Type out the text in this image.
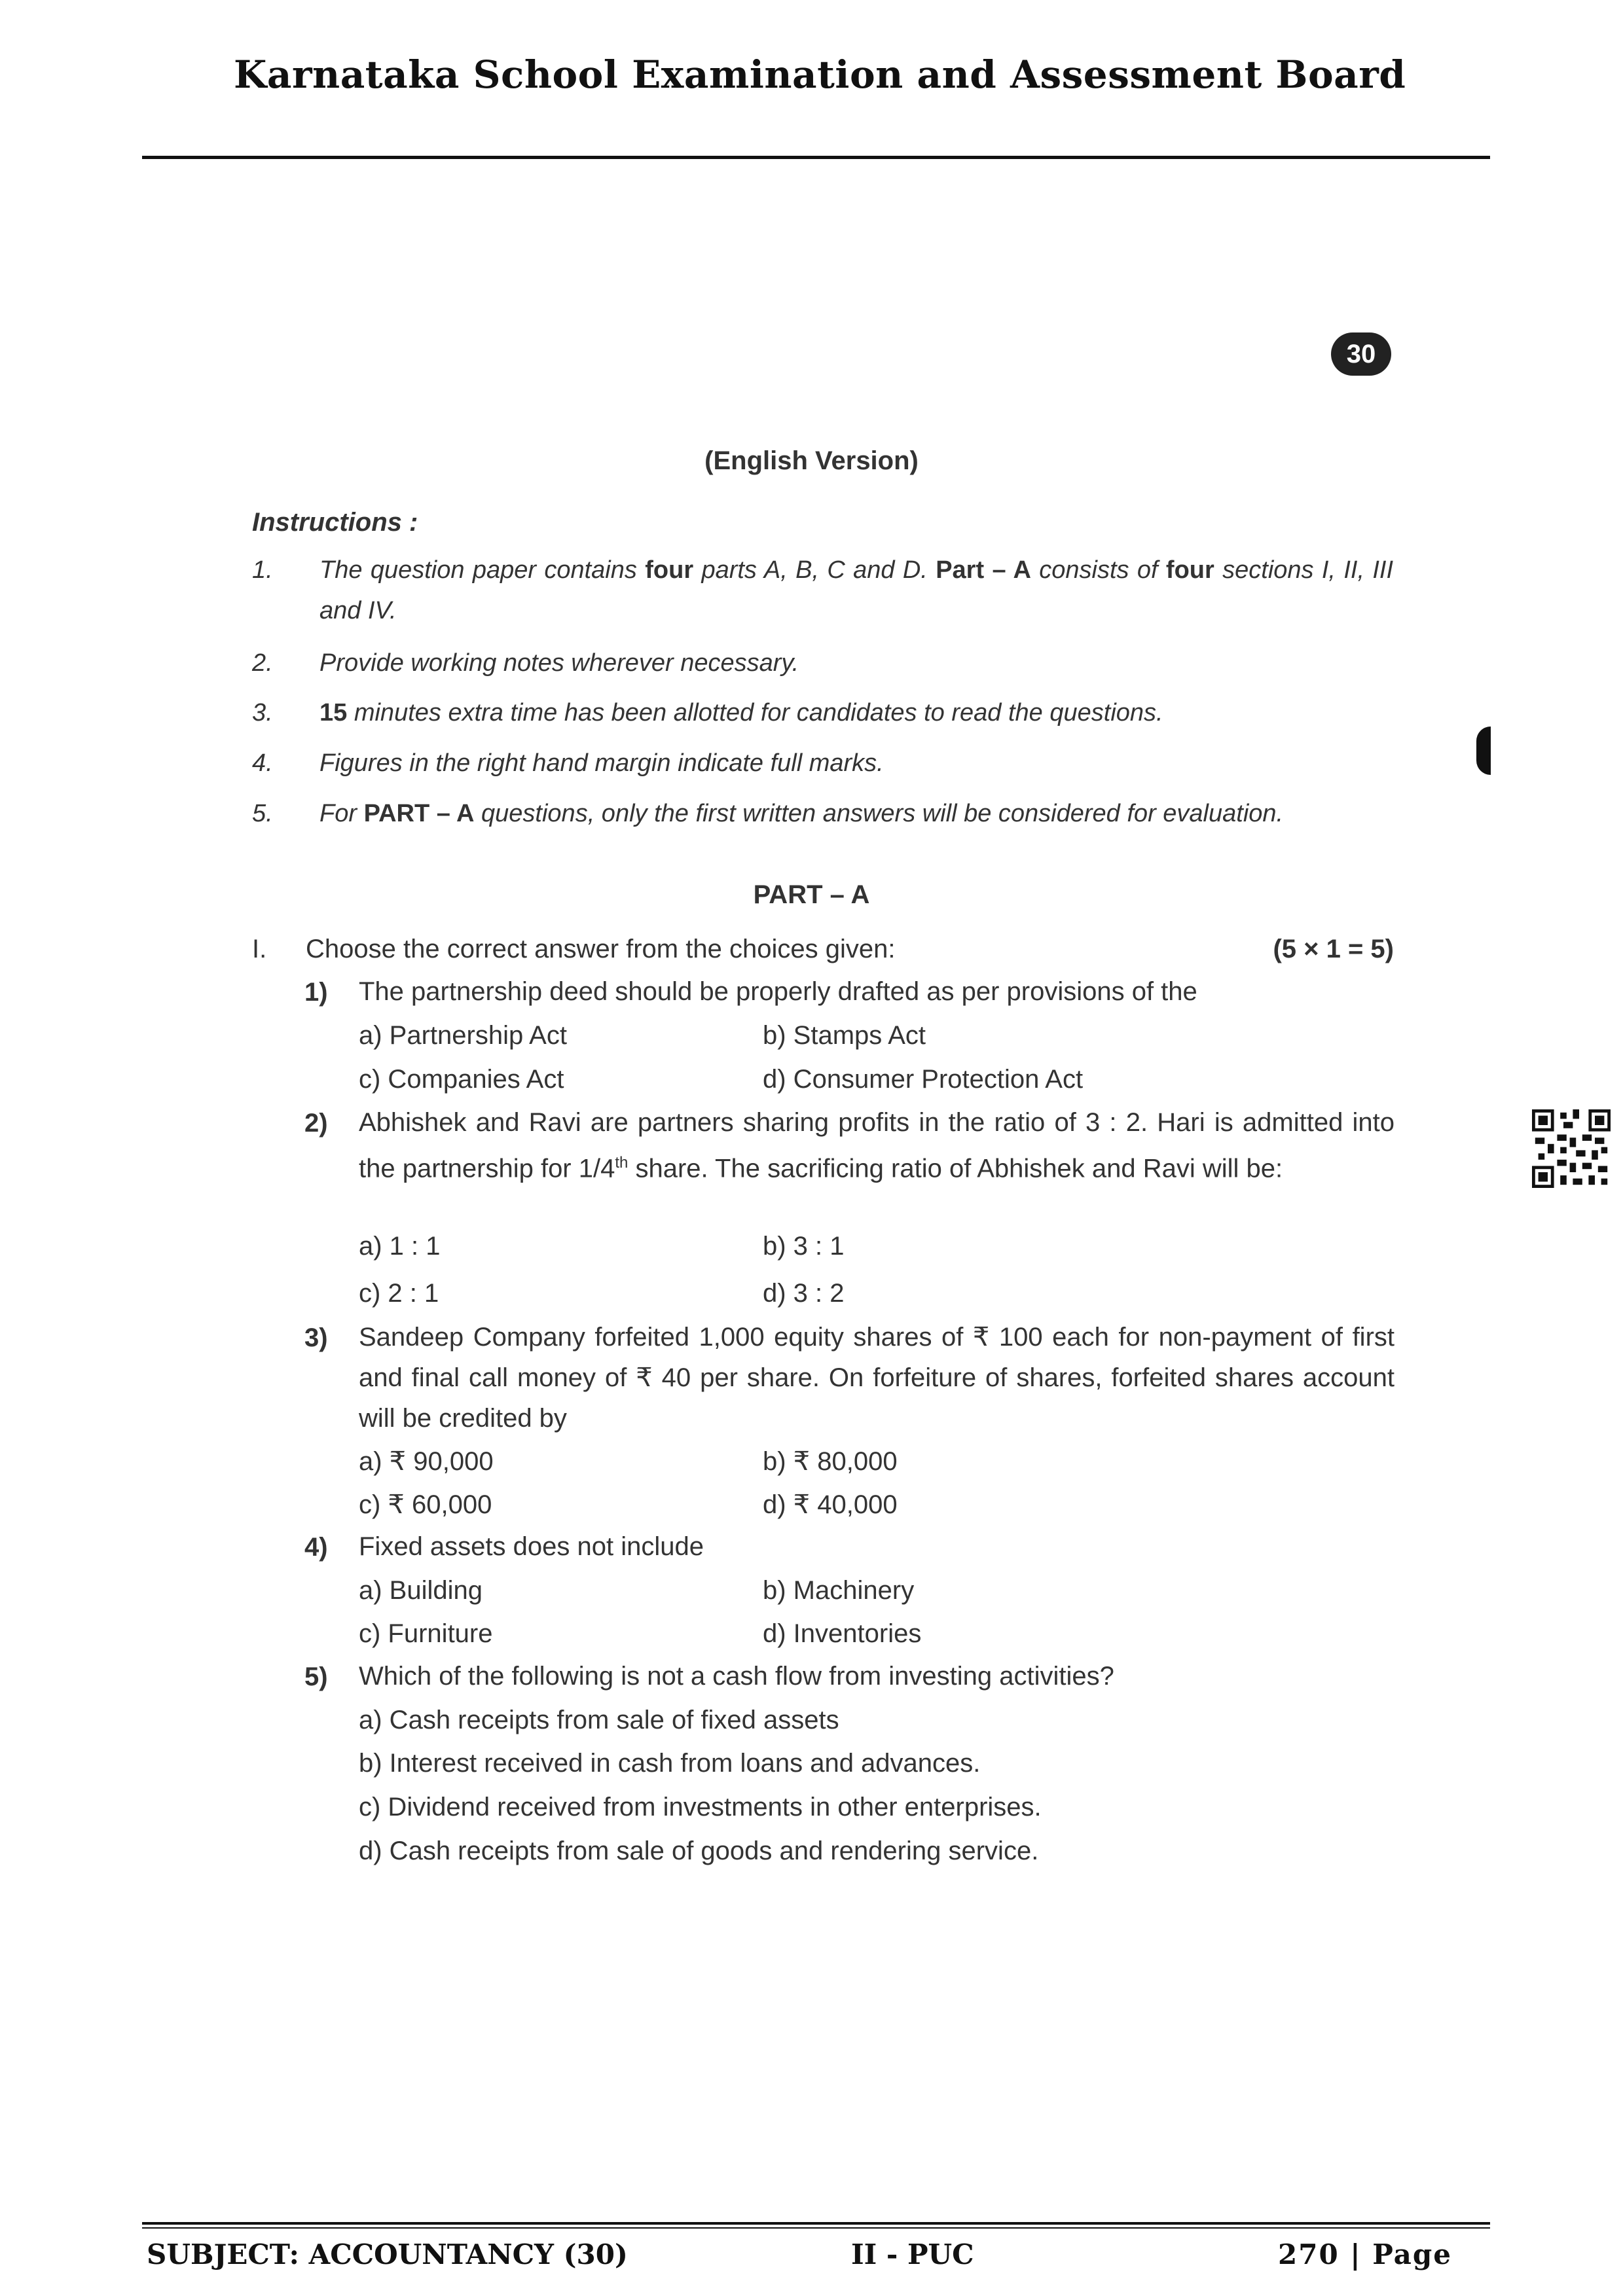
Karnataka School Examination and Assessment Board
30
(English Version)
Instructions :
1. The question paper contains four parts A, B, C and D. Part – A consists of four sections I, II, III and IV.
2. Provide working notes wherever necessary.
3. 15 minutes extra time has been allotted for candidates to read the questions.
4. Figures in the right hand margin indicate full marks.
5. For PART – A questions, only the first written answers will be considered for evaluation.
PART – A
I. Choose the correct answer from the choices given:	(5 × 1 = 5)
1) The partnership deed should be properly drafted as per provisions of the
a) Partnership Act	b) Stamps Act
c) Companies Act	d) Consumer Protection Act
2) Abhishek and Ravi are partners sharing profits in the ratio of 3 : 2. Hari is admitted into the partnership for 1/4th share. The sacrificing ratio of Abhishek and Ravi will be:
a) 1 : 1	b) 3 : 1
c) 2 : 1	d) 3 : 2
3) Sandeep Company forfeited 1,000 equity shares of ₹ 100 each for non-payment of first and final call money of ₹ 40 per share. On forfeiture of shares, forfeited shares account will be credited by
a) ₹ 90,000	b) ₹ 80,000
c) ₹ 60,000	d) ₹ 40,000
4) Fixed assets does not include
a) Building	b) Machinery
c) Furniture	d) Inventories
5) Which of the following is not a cash flow from investing activities?
a) Cash receipts from sale of fixed assets
b) Interest received in cash from loans and advances.
c) Dividend received from investments in other enterprises.
d) Cash receipts from sale of goods and rendering service.
SUBJECT: ACCOUNTANCY (30)	II - PUC	270 | Page
